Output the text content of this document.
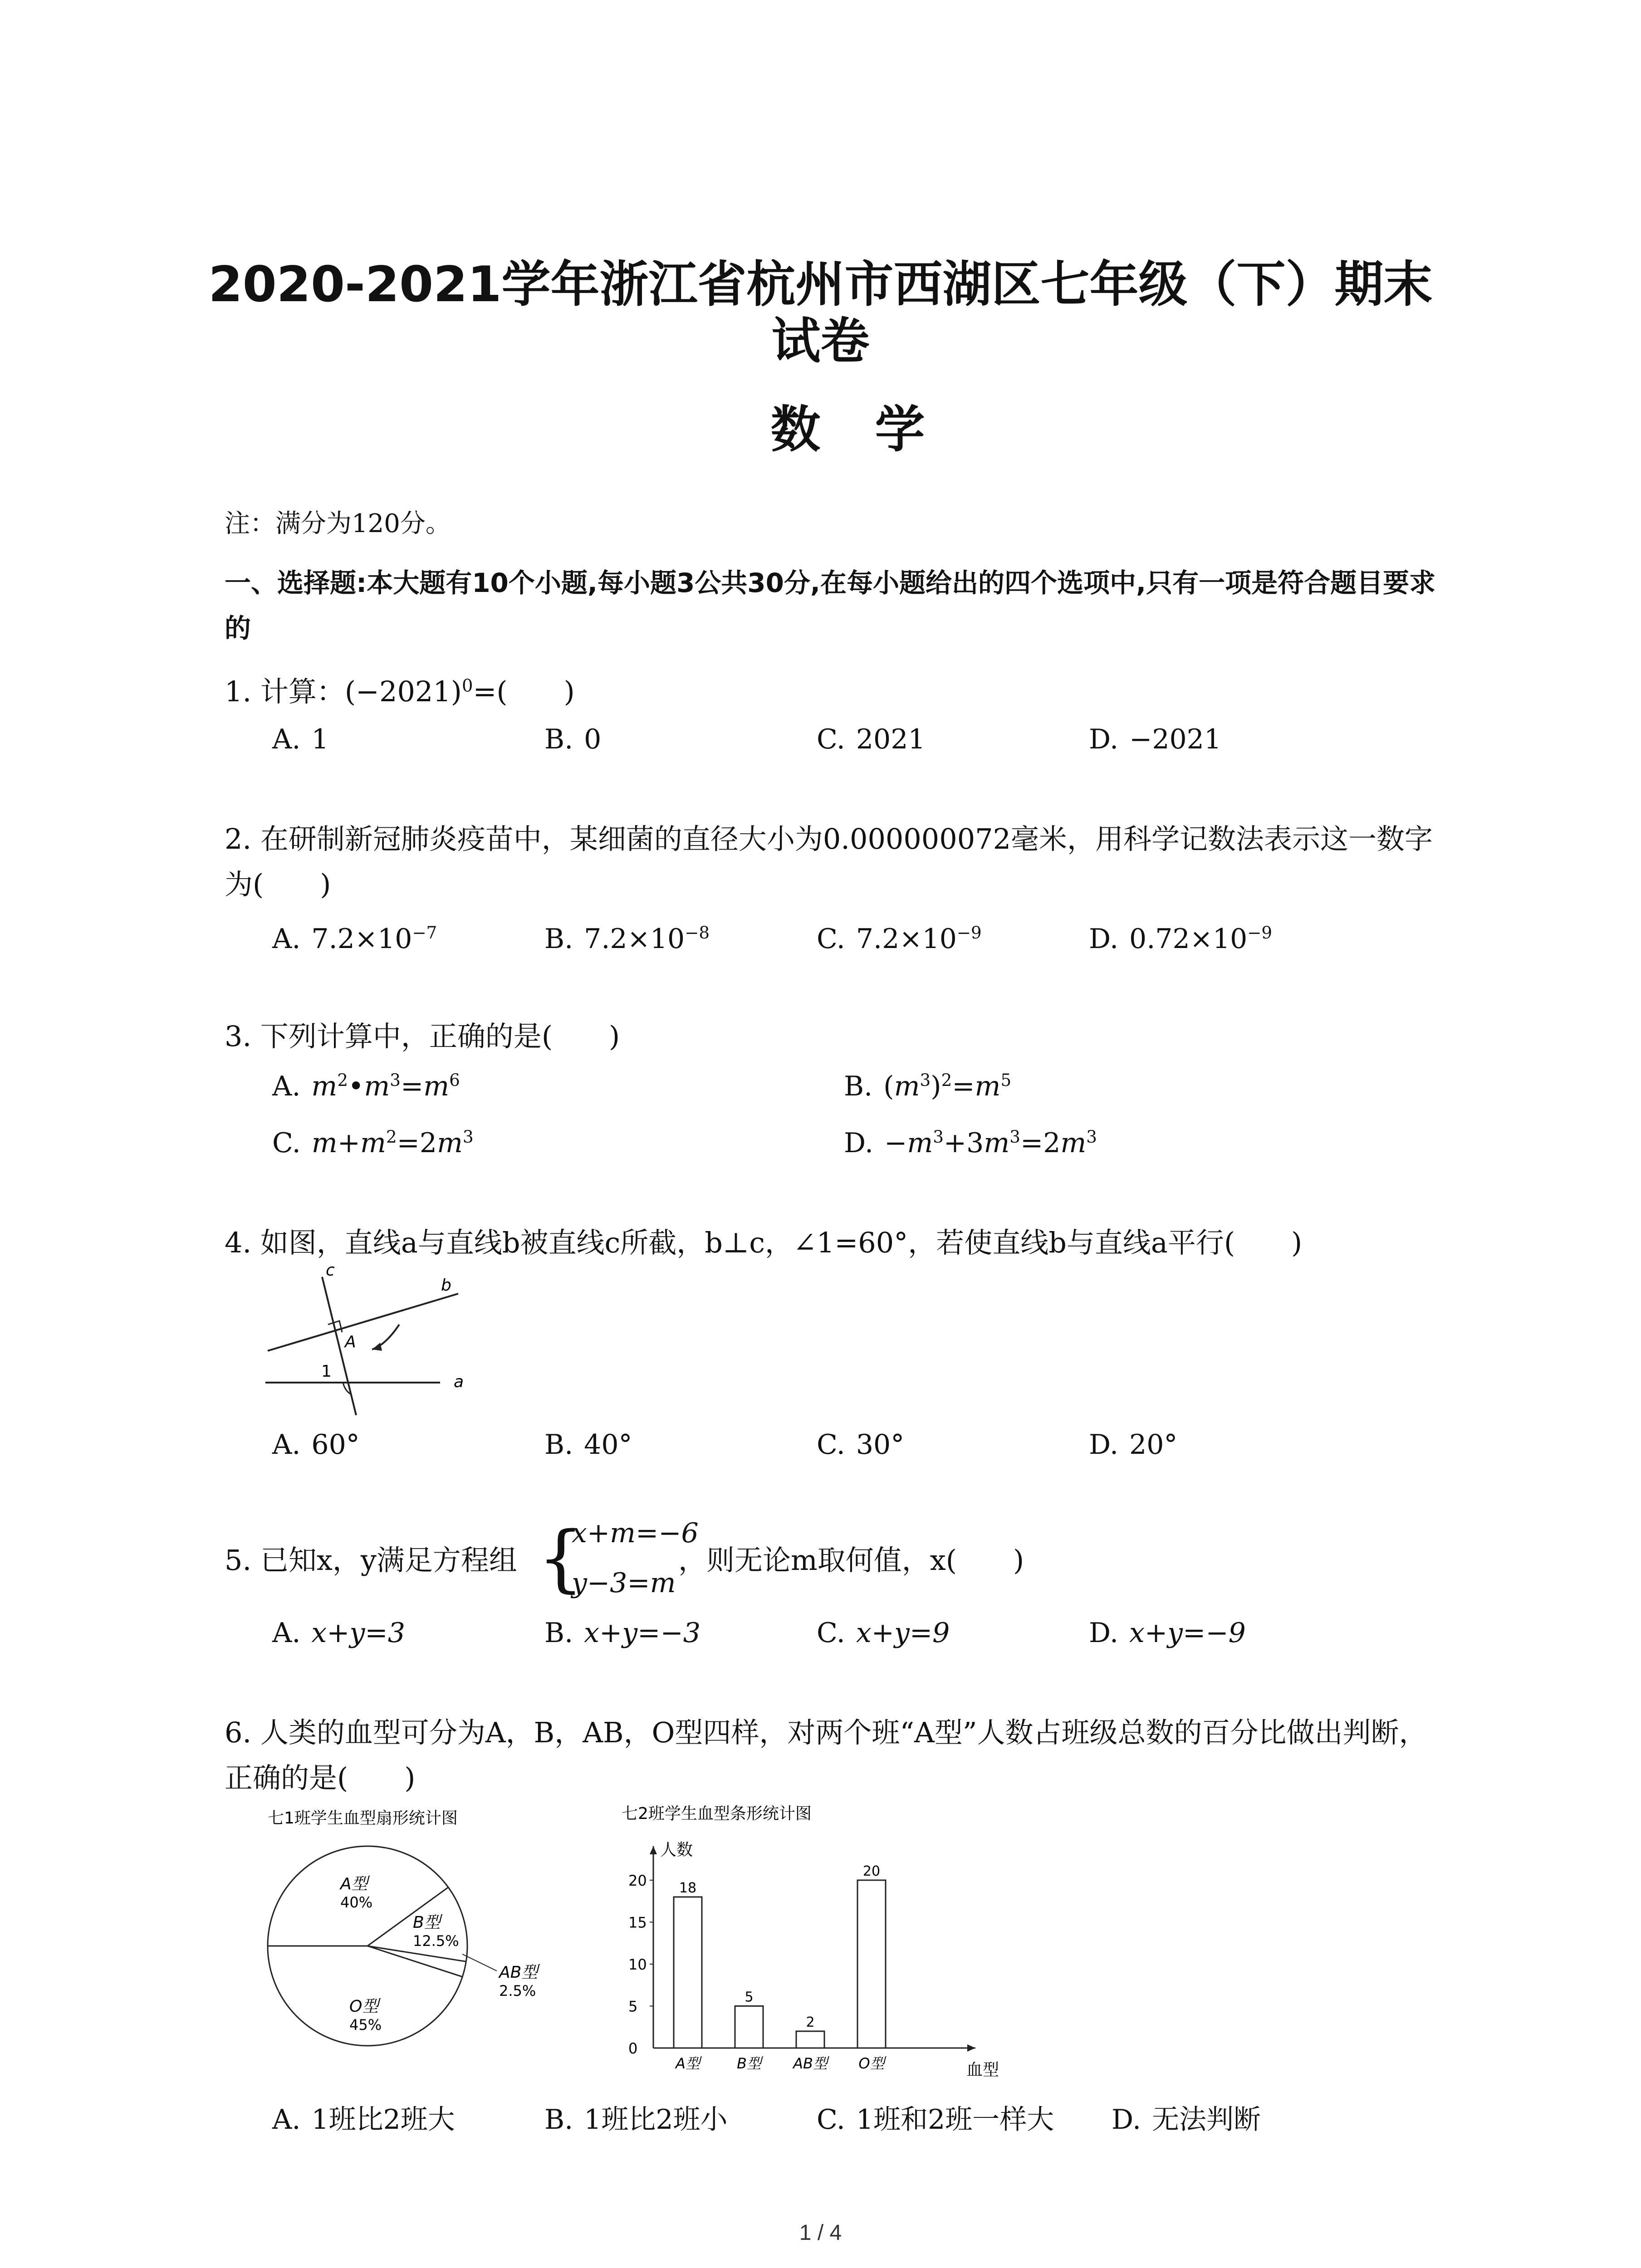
2020-2021学年浙江省杭州市西湖区七年级（下）期末
试卷
数学
注：满分为120分。
一、选择题:本大题有10个小题,每小题3公共30分,在每小题给出的四个选项中,只有一项是符合题目要求的
1. 计算：$(-2021)^0=$(　　)
A. 1	B. 0	C. 2021	D. −2021
2. 在研制新冠肺炎疫苗中，某细菌的直径大小为0.000000072毫米，用科学记数法表示这一数字为(　　)
A. $7.2\times 10^{-7}$	B. $7.2\times 10^{-8}$	C. $7.2\times 10^{-9}$	D. $0.72\times 10^{-9}$
3. 下列计算中，正确的是(　　)
A. $m^2•m^3=m^6$	B. $(m^3)^2=m^5$
C. $m+m^2=2m^3$	D. $-m^3+3m^3=2m^3$
4. 如图，直线a与直线b被直线c所截，b⊥c，∠1=60°，若使直线b与直线a平行(　　)
c
b
A
1
a
A. 60°	B. 40°	C. 30°	D. 20°
5. 已知x，y满足方程组 {
x+m=−6
y−3=m
，则无论m取何值，x(　　)
A. x+y=3	B. x+y=−3	C. x+y=9	D. x+y=−9
6. 人类的血型可分为A，B，AB，O型四样，对两个班“A型”人数占班级总数的百分比做出判断，正确的是(　　)
七1班学生血型扇形统计图
A型
40%
B型
12.5%
AB型
2.5%
O型
45%
七2班学生血型条形统计图
人数
血型
0
5
10
15
20 18
A型
5
B型
2
AB型
20
O型
A. 1班比2班大	B. 1班比2班小	C. 1班和2班一样大 D. 无法判断
1 / 4
